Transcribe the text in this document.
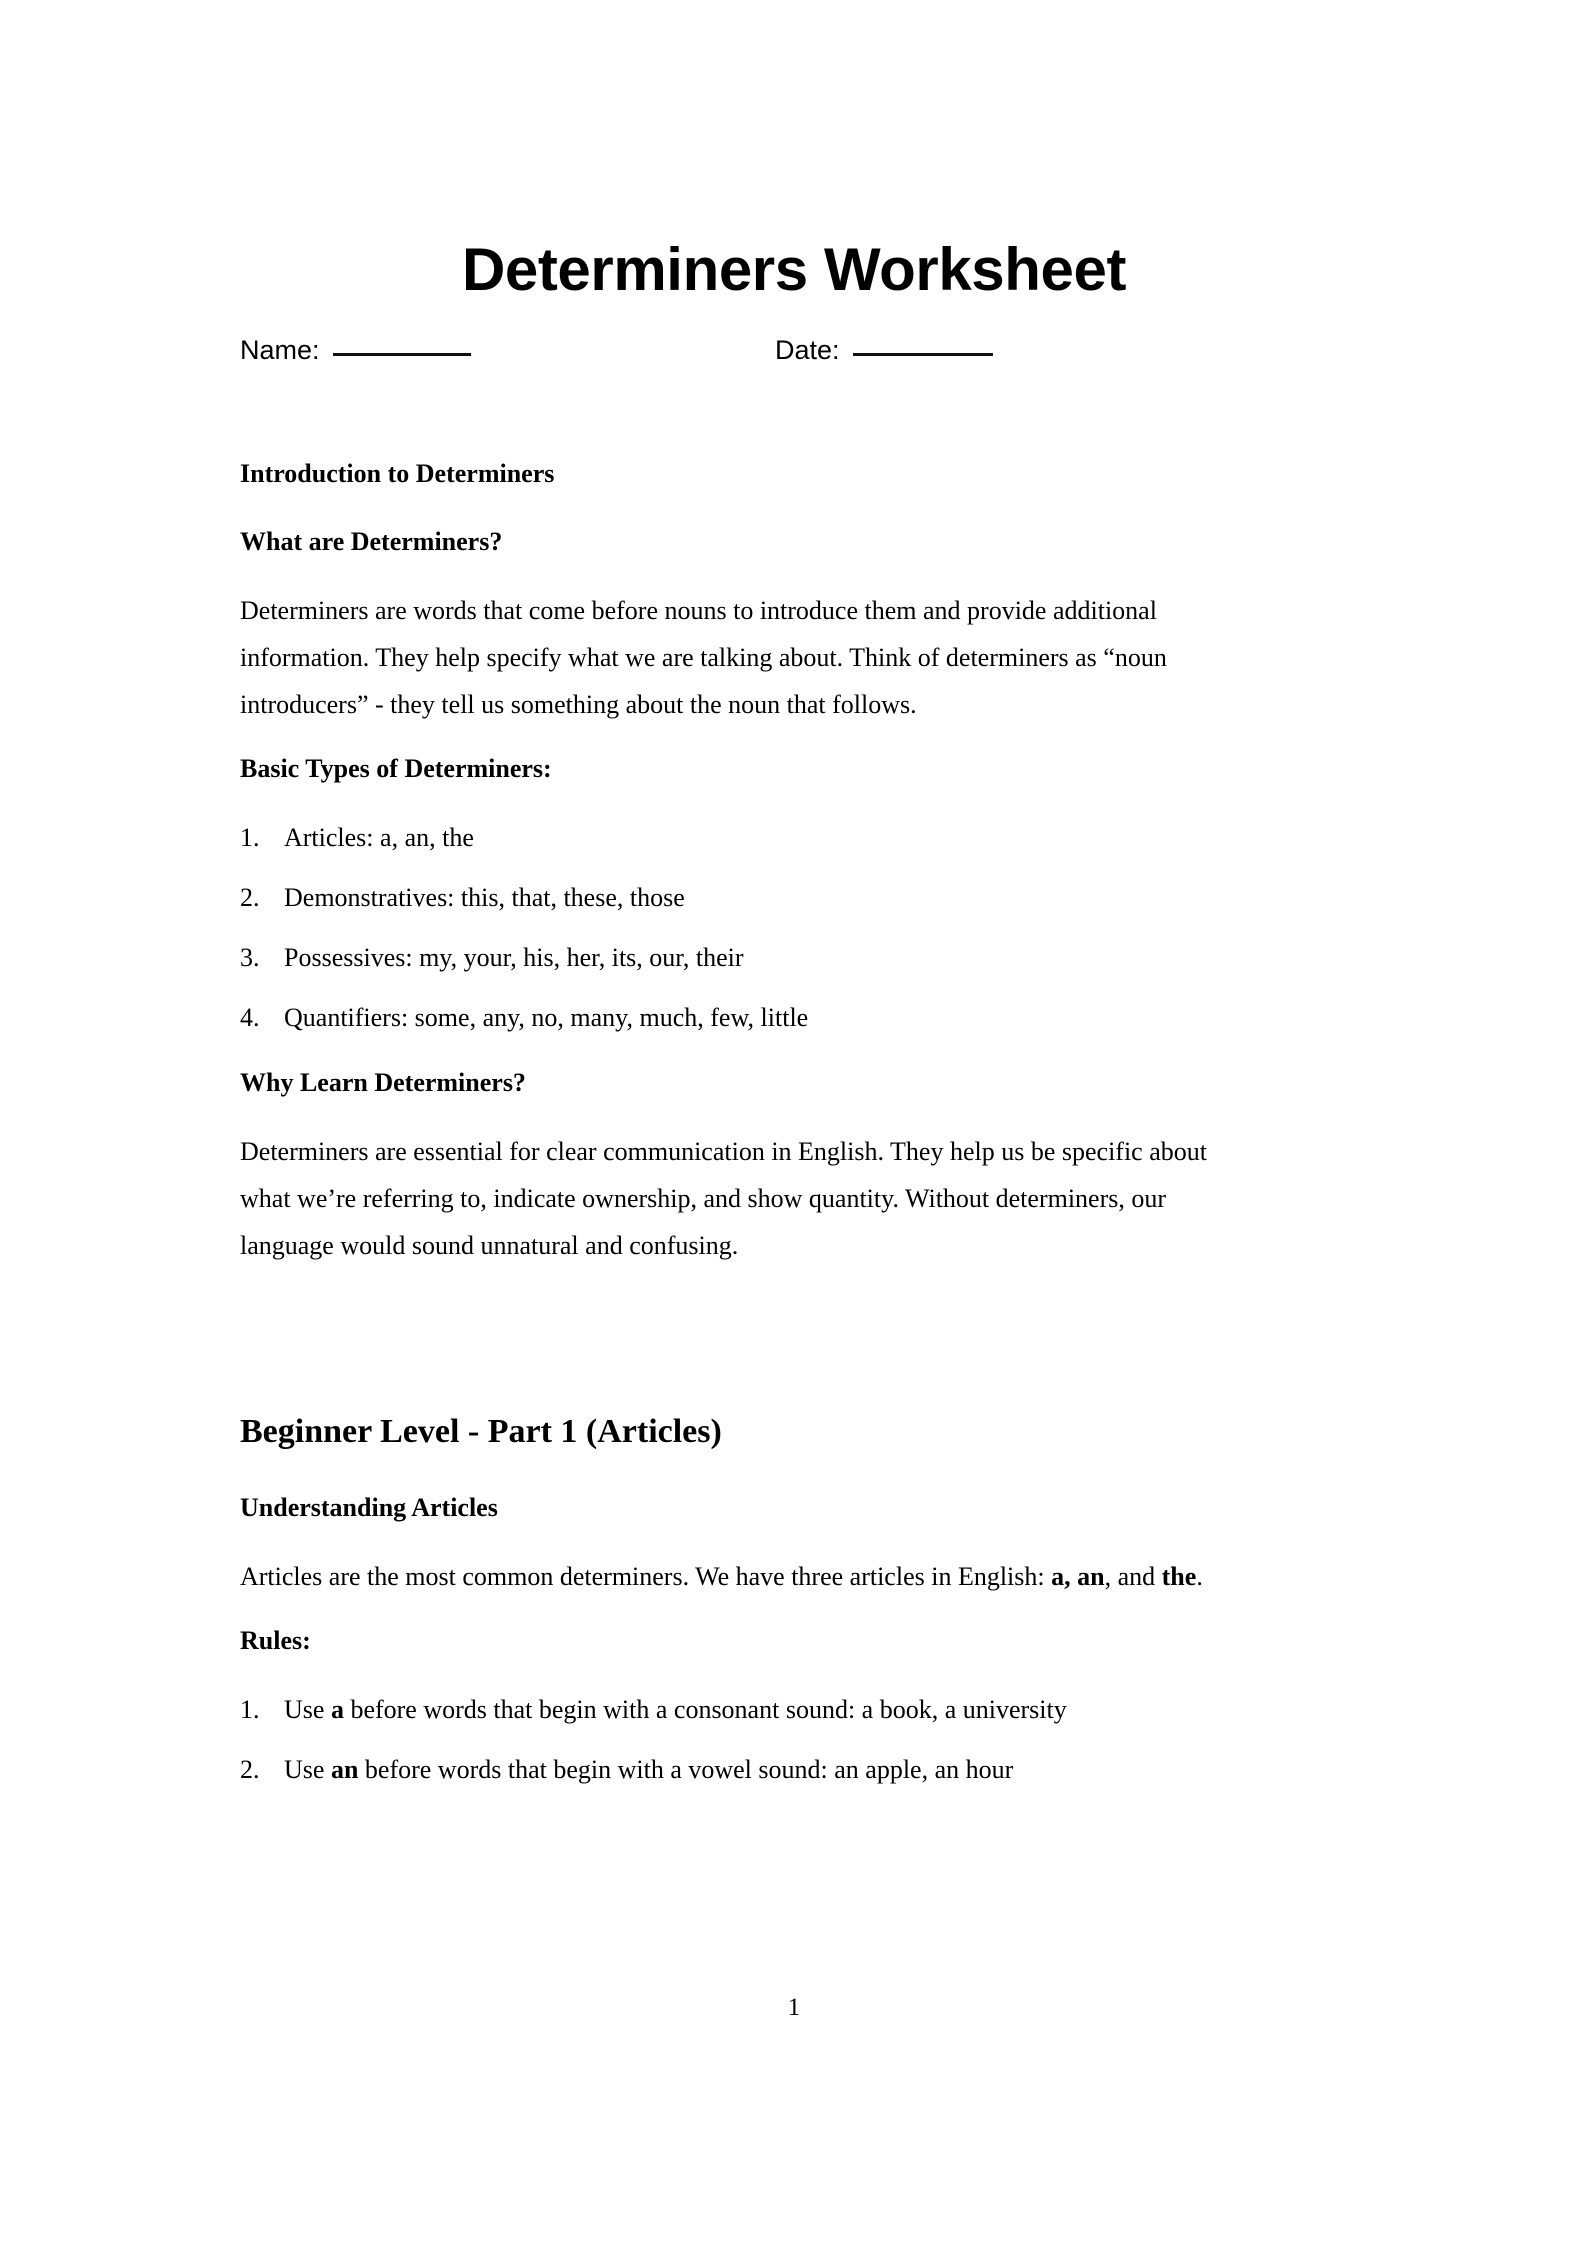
Determiners Worksheet
Name:	Date:
Introduction to Determiners
What are Determiners?

Determiners are words that come before nouns to introduce them and provide additional information. They help specify what we are talking about. Think of determiners as “noun introducers” - they tell us something about the noun that follows.

Basic Types of Determiners:
1. Articles: a, an, the
2. Demonstratives: this, that, these, those
3. Possessives: my, your, his, her, its, our, their
4. Quantifiers: some, any, no, many, much, few, little
Why Learn Determiners?

Determiners are essential for clear communication in English. They help us be specific about what we’re referring to, indicate ownership, and show quantity. Without determiners, our language would sound unnatural and confusing.

Beginner Level - Part 1 (Articles)
Understanding Articles

Articles are the most common determiners. We have three articles in English: a, an, and the.

Rules:
1. Use a before words that begin with a consonant sound: a book, a university
2. Use an before words that begin with a vowel sound: an apple, an hour
1
